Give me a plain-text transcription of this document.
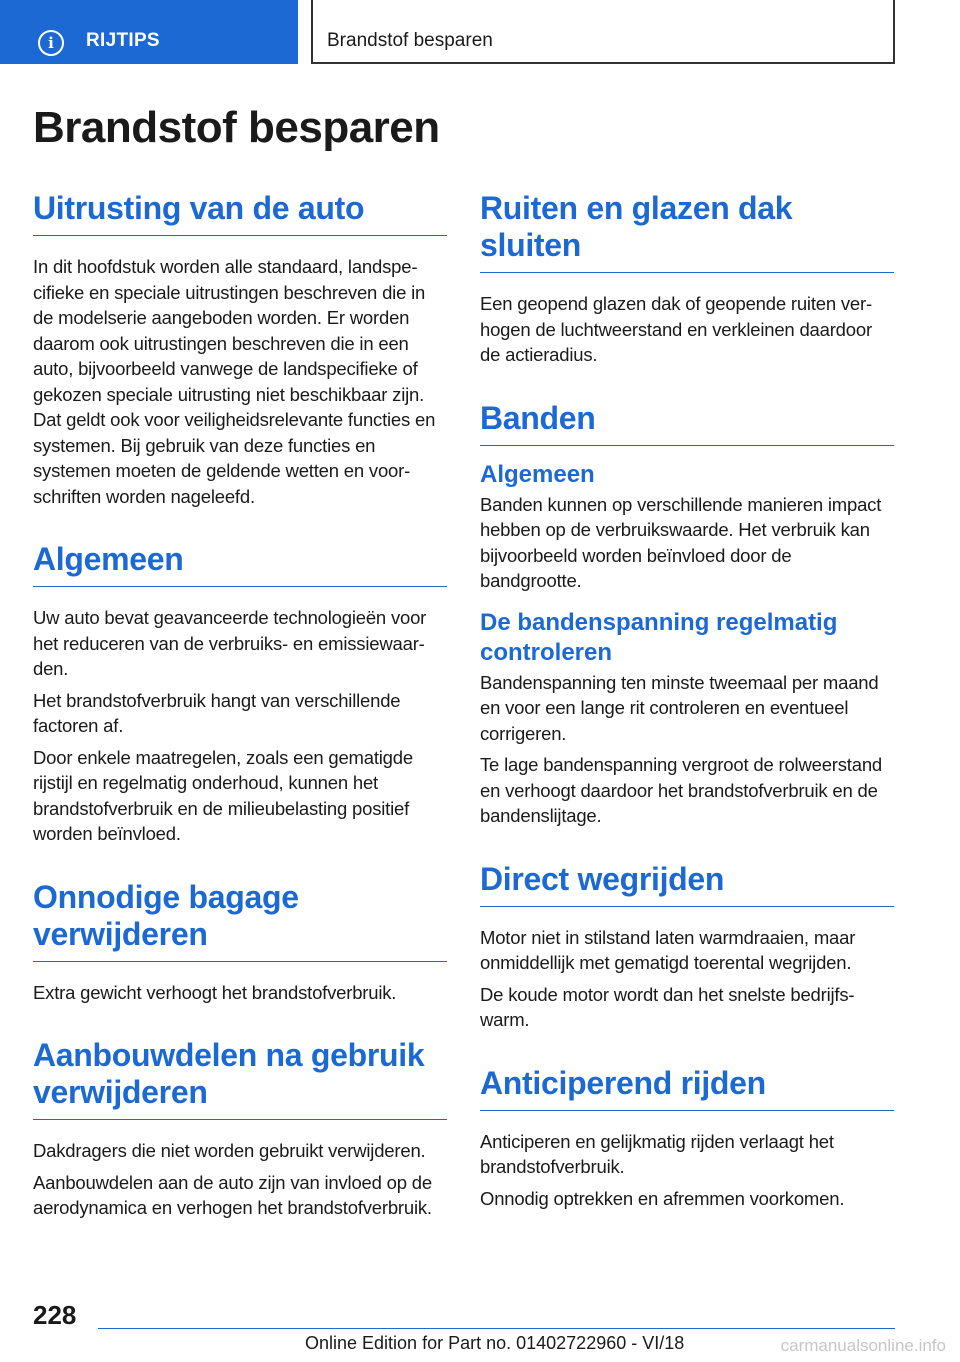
i	RIJTIPS	Brandstof besparen
Brandstof besparen
Uitrusting van de auto

In dit hoofdstuk worden alle standaard, landspecifieke en speciale uitrustingen beschreven die in de modelserie aangeboden worden. Er worden daarom ook uitrustingen beschreven die in een auto, bijvoorbeeld vanwege de landspecifieke of gekozen speciale uitrusting niet beschikbaar zijn. Dat geldt ook voor veiligheidsrelevante functies en systemen. Bij gebruik van deze functies en systemen moeten de geldende wetten en voorschriften worden nageleefd.

Algemeen

Uw auto bevat geavanceerde technologieën voor het reduceren van de verbruiks- en emissiewaarden.

Het brandstofverbruik hangt van verschillende factoren af.

Door enkele maatregelen, zoals een gematigde rijstijl en regelmatig onderhoud, kunnen het brandstofverbruik en de milieubelasting positief worden beïnvloed.

Onnodige bagage verwijderen

Extra gewicht verhoogt het brandstofverbruik.

Aanbouwdelen na gebruik verwijderen

Dakdragers die niet worden gebruikt verwijderen.

Aanbouwdelen aan de auto zijn van invloed op de aerodynamica en verhogen het brandstofverbruik.

Ruiten en glazen dak sluiten

Een geopend glazen dak of geopende ruiten verhogen de luchtweerstand en verkleinen daardoor de actieradius.

Banden
Algemeen

Banden kunnen op verschillende manieren impact hebben op de verbruikswaarde. Het verbruik kan bijvoorbeeld worden beïnvloed door de bandgrootte.

De bandenspanning regelmatig controleren

Bandenspanning ten minste tweemaal per maand en voor een lange rit controleren en eventueel corrigeren.

Te lage bandenspanning vergroot de rolweerstand en verhoogt daardoor het brandstofverbruik en de bandenslijtage.

Direct wegrijden

Motor niet in stilstand laten warmdraaien, maar onmiddellijk met gematigd toerental wegrijden.

De koude motor wordt dan het snelste bedrijfswarm.

Anticiperend rijden

Anticiperen en gelijkmatig rijden verlaagt het brandstofverbruik.

Onnodig optrekken en afremmen voorkomen.

228
Online Edition for Part no. 01402722960 - VI/18	carmanualsonline.info
